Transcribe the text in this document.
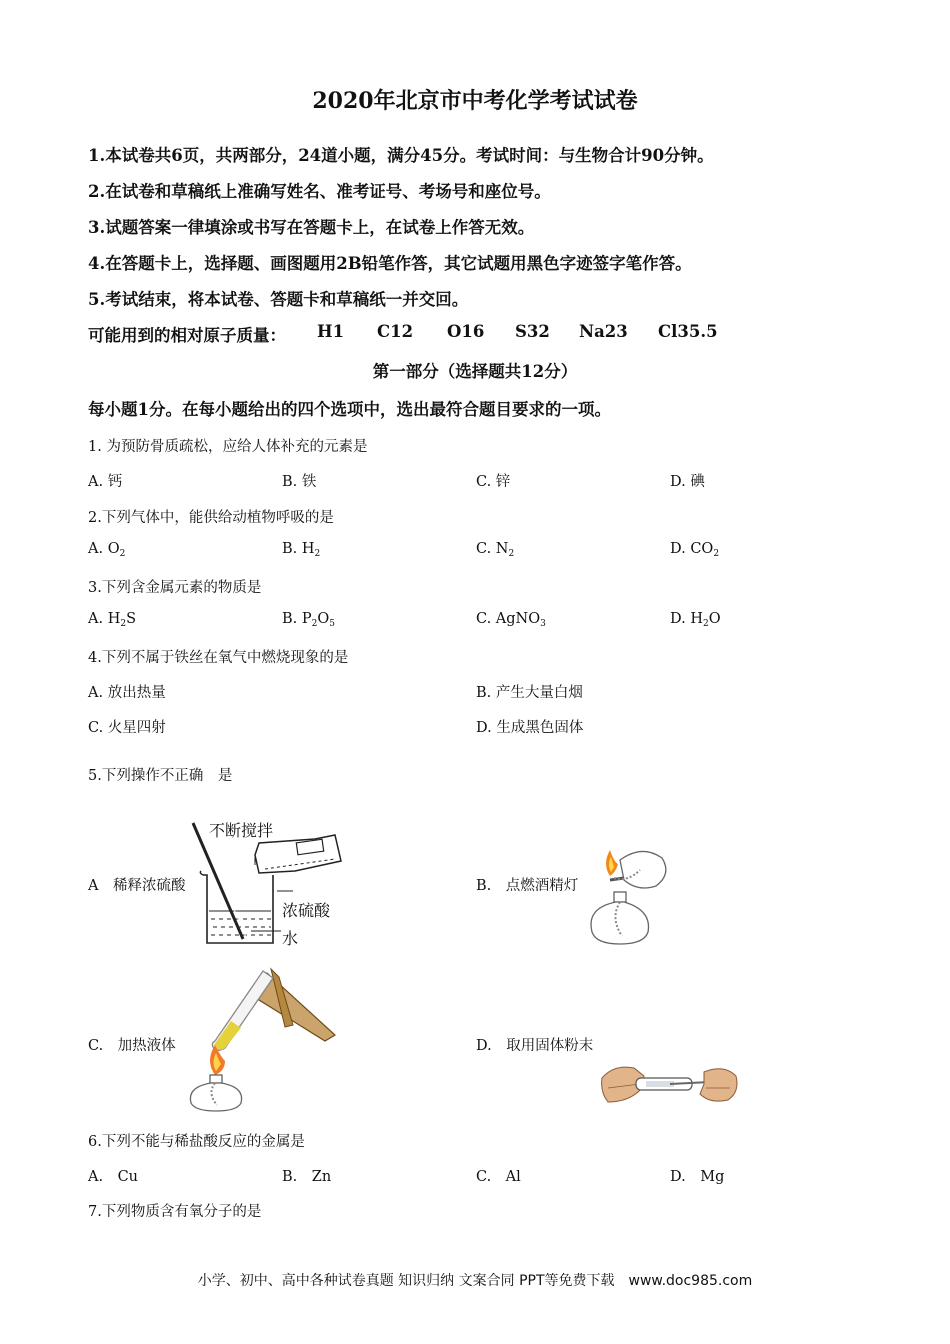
2020年北京市中考化学考试试卷
1.本试卷共6页，共两部分，24道小题，满分45分。考试时间：与生物合计90分钟。
2.在试卷和草稿纸上准确写姓名、准考证号、考场号和座位号。
3.试题答案一律填涂或书写在答题卡上，在试卷上作答无效。
4.在答题卡上，选择题、画图题用2B铅笔作答，其它试题用黑色字迹签字笔作答。
5.考试结束，将本试卷、答题卡和草稿纸一并交回。
可能用到的相对原子质量： H1 C12 O16 S32 Na23 Cl35.5
第一部分（选择题共12分）
每小题1分。在每小题给出的四个选项中，选出最符合题目要求的一项。
1. 为预防骨质疏松，应给人体补充的元素是
A. 钙	B. 铁	C. 锌	D. 碘
2.下列气体中，能供给动植物呼吸的是
A. $O_2$	B. $H_2$	C. $N_2$	D. $CO_2$
3.下列含金属元素的物质是
A. $H_2S$	B. $P_2O_5$	C. AgNO$_3$	D. $H_2O$
4.下列不属于铁丝在氧气中燃烧现象的是
A. 放出热量	B. 产生大量白烟
C. 火星四射	D. 生成黑色固体
5.下列操作不正确　是
A　稀释浓硫酸
不断搅拌
浓硫酸
水
B.　点燃酒精灯
C.　加热液体	D.　取用固体粉末
6.下列不能与稀盐酸反应的金属是
A.　Cu	B.　Zn	C.　Al	D.　Mg
7.下列物质含有氧分子的是
小学、初中、高中各种试卷真题 知识归纳 文案合同 PPT等免费下载　www.doc985.com
